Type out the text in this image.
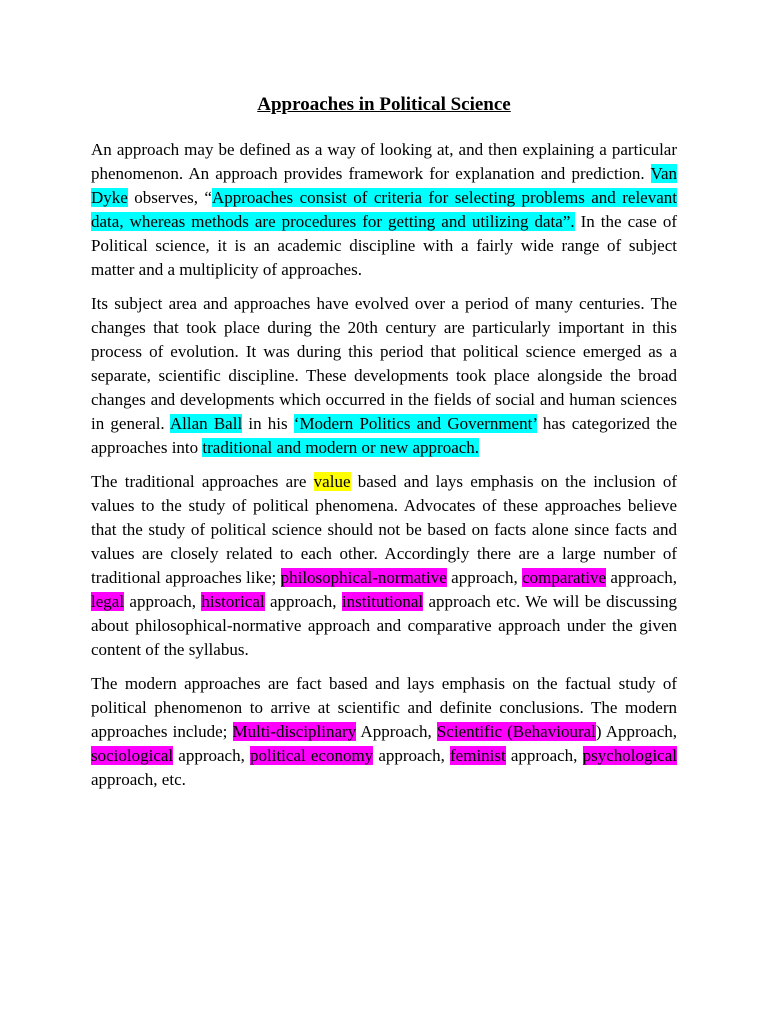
Approaches in Political Science

An approach may be defined as a way of looking at, and then explaining a particular phenomenon. An approach provides framework for explanation and prediction. Van Dyke observes, “Approaches consist of criteria for selecting problems and relevant data, whereas methods are procedures for getting and utilizing data”. In the case of Political science, it is an academic discipline with a fairly wide range of subject matter and a multiplicity of approaches.

Its subject area and approaches have evolved over a period of many centuries. The changes that took place during the 20th century are particularly important in this process of evolution. It was during this period that political science emerged as a separate, scientific discipline. These developments took place alongside the broad changes and developments which occurred in the fields of social and human sciences in general. Allan Ball in his ‘Modern Politics and Government’ has categorized the approaches into traditional and modern or new approach.

The traditional approaches are value based and lays emphasis on the inclusion of values to the study of political phenomena. Advocates of these approaches believe that the study of political science should not be based on facts alone since facts and values are closely related to each other. Accordingly there are a large number of traditional approaches like; philosophical-normative approach, comparative approach, legal approach, historical approach, institutional approach etc. We will be discussing about philosophical-normative approach and comparative approach under the given content of the syllabus.

The modern approaches are fact based and lays emphasis on the factual study of political phenomenon to arrive at scientific and definite conclusions. The modern approaches include; Multi-disciplinary Approach, Scientific (Behavioural) Approach, sociological approach, political economy approach, feminist approach, psychological approach, etc.
